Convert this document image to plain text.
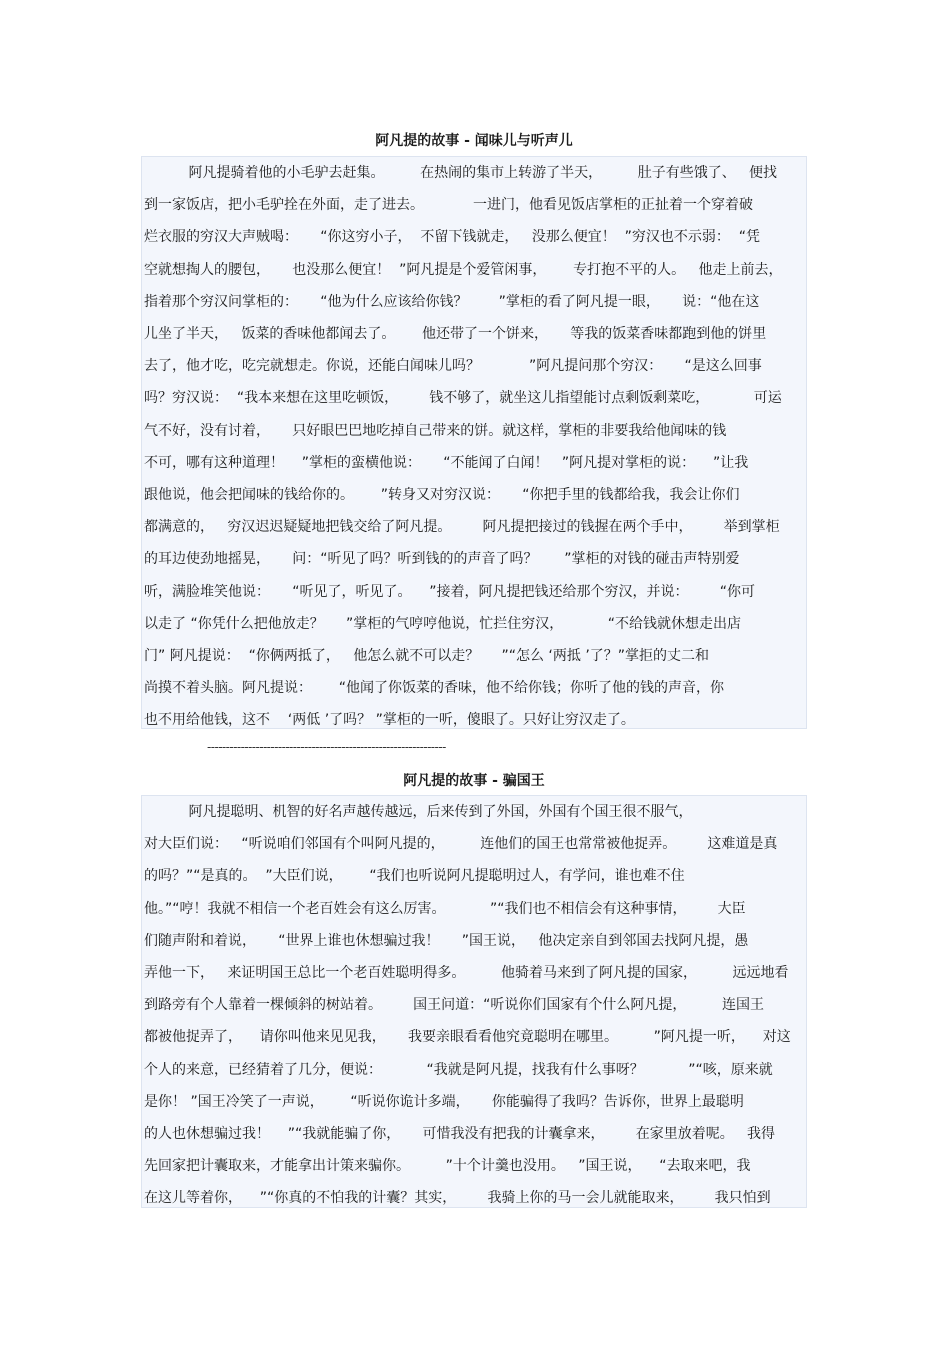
阿凡提的故事 - 闻味儿与听声儿
阿凡提骑着他的小毛驴去赶集。        在热闹的集市上转游了半天，        肚子有些饿了、   便找
到一家饭店，把小毛驴拴在外面，走了进去。           一进门，他看见饭店掌柜的正扯着一个穿着破
烂衣服的穷汉大声贼喝：     “你这穷小子，  不留下钱就走，   没那么便宜！  ”穷汉也不示弱：  “凭
空就想掏人的腰包，     也没那么便宜！  ”阿凡提是个爱管闲事，      专打抱不平的人。   他走上前去，
指着那个穷汉问掌柜的：     “他为什么应该给你钱？       ”掌柜的看了阿凡提一眼，     说：“他在这
儿坐了半天，   饭菜的香味他都闻去了。      他还带了一个饼来，     等我的饭菜香味都跑到他的饼里
去了，他才吃，吃完就想走。你说，还能白闻味儿吗？           ”阿凡提问那个穷汉：     “是这么回事
吗？穷汉说：  “我本来想在这里吃顿饭，       钱不够了，就坐这儿指望能讨点剩饭剩菜吃，          可运
气不好，没有讨着，     只好眼巴巴地吃掉自己带来的饼。就这样，掌柜的非要我给他闻味的钱
不可，哪有这种道理！    ”掌柜的蛮横他说：     “不能闻了白闻！   ”阿凡提对掌柜的说：    ”让我
跟他说，他会把闻味的钱给你的。      ”转身又对穷汉说：     “你把手里的钱都给我，我会让你们
都满意的，   穷汉迟迟疑疑地把钱交给了阿凡提。       阿凡提把接过的钱握在两个手中，       举到掌柜
的耳边使劲地摇晃，     问：“听见了吗？听到钱的的声音了吗？      ”掌柜的对钱的碰击声特别爱
听，满脸堆笑他说：     “听见了，听见了。    ”接着，阿凡提把钱还给那个穷汉，并说：       “你可
以走了 “你凭什么把他放走？     ”掌柜的气哼哼他说，忙拦住穷汉，          “不给钱就休想走出店
门” 阿凡提说：  “你俩两抵了，   他怎么就不可以走？     ”“怎么 ‘两抵 ’了？”掌拒的丈二和
尚摸不着头脑。阿凡提说：      “他闻了你饭菜的香味，他不给你钱；你听了他的钱的声音，你
也不用给他钱，这不    ‘两低 ’了吗？ ”掌柜的一听，傻眼了。只好让穷汉走了。
----------------------------------------------------------------
阿凡提的故事 - 骗国王
阿凡提聪明、机智的好名声越传越远，后来传到了外国，外国有个国王很不服气，
对大臣们说：   “听说咱们邻国有个叫阿凡提的，        连他们的国王也常常被他捉弄。       这难道是真
的吗？”“是真的。  ”大臣们说，      “我们也听说阿凡提聪明过人，有学问，谁也难不住
他。”“哼！我就不相信一个老百姓会有这么厉害。          ”“我们也不相信会有这种事情，       大臣
们随声附和着说，     “世界上谁也休想骗过我！     ”国王说，   他决定亲自到邻国去找阿凡提，愚
弄他一下，   来证明国王总比一个老百姓聪明得多。        他骑着马来到了阿凡提的国家，        远远地看
到路旁有个人靠着一棵倾斜的树站着。       国王问道：“听说你们国家有个什么阿凡提，        连国王
都被他捉弄了，    请你叫他来见见我，     我要亲眼看看他究竟聪明在哪里。        ”阿凡提一听，    对这
个人的来意，已经猜着了几分，便说：          “我就是阿凡提，找我有什么事呀？          ”“咳，原来就
是你！ ”国王冷笑了一声说，      “听说你诡计多端，     你能骗得了我吗？告诉你，世界上最聪明
的人也休想骗过我！    ”“我就能骗了你，     可惜我没有把我的计囊拿来，       在家里放着呢。   我得
先回家把计囊取来，才能拿出计策来骗你。        ”十个计羹也没用。   ”国王说，    “去取来吧，我
在这儿等着你，    ”“你真的不怕我的计囊？其实，       我骑上你的马一会儿就能取来，       我只怕到
